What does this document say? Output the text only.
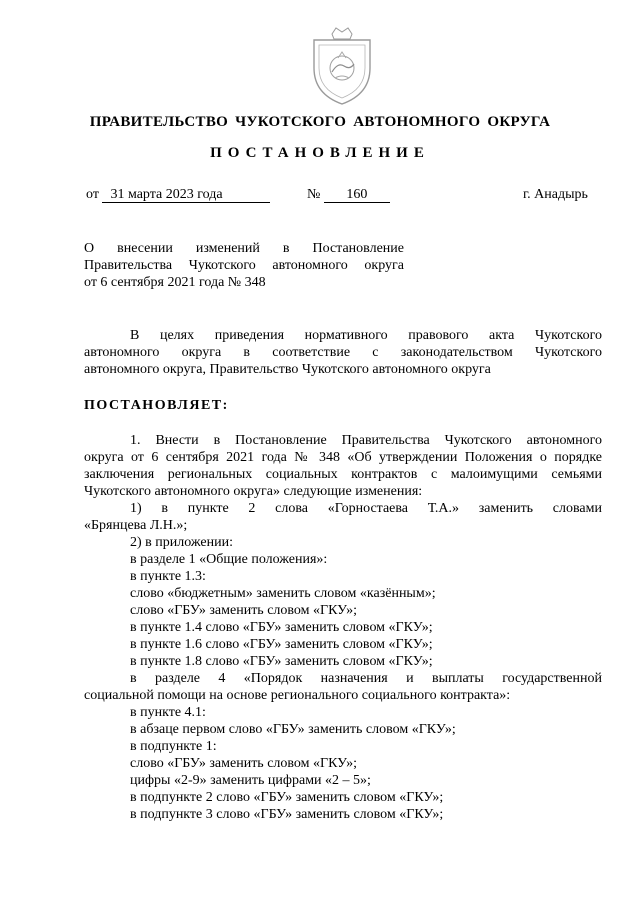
ПРАВИТЕЛЬСТВО ЧУКОТСКОГО АВТОНОМНОГО ОКРУГА
ПОСТАНОВЛЕНИЕ
от 31 марта 2023 года	№ 160	г. Анадырь
О внесении изменений в Постановление
Правительства Чукотского автономного округа
от 6 сентября 2021 года № 348
В целях приведения нормативного правового акта Чукотского
автономного округа в соответствие с законодательством Чукотского
автономного округа, Правительство Чукотского автономного округа
ПОСТАНОВЛЯЕТ:
1. Внести в Постановление Правительства Чукотского автономного
округа от 6 сентября 2021 года № 348 «Об утверждении Положения о порядке
заключения региональных социальных контрактов с малоимущими семьями
Чукотского автономного округа» следующие изменения:
1) в пункте 2 слова «Горностаева Т.А.» заменить словами
«Брянцева Л.Н.»;
2) в приложении:
в разделе 1 «Общие положения»:
в пункте 1.3:
слово «бюджетным» заменить словом «казённым»;
слово «ГБУ» заменить словом «ГКУ»;
в пункте 1.4 слово «ГБУ» заменить словом «ГКУ»;
в пункте 1.6 слово «ГБУ» заменить словом «ГКУ»;
в пункте 1.8 слово «ГБУ» заменить словом «ГКУ»;
в разделе 4 «Порядок назначения и выплаты государственной
социальной помощи на основе регионального социального контракта»:
в пункте 4.1:
в абзаце первом слово «ГБУ» заменить словом «ГКУ»;
в подпункте 1:
слово «ГБУ» заменить словом «ГКУ»;
цифры «2-9» заменить цифрами «2 – 5»;
в подпункте 2 слово «ГБУ» заменить словом «ГКУ»;
в подпункте 3 слово «ГБУ» заменить словом «ГКУ»;
